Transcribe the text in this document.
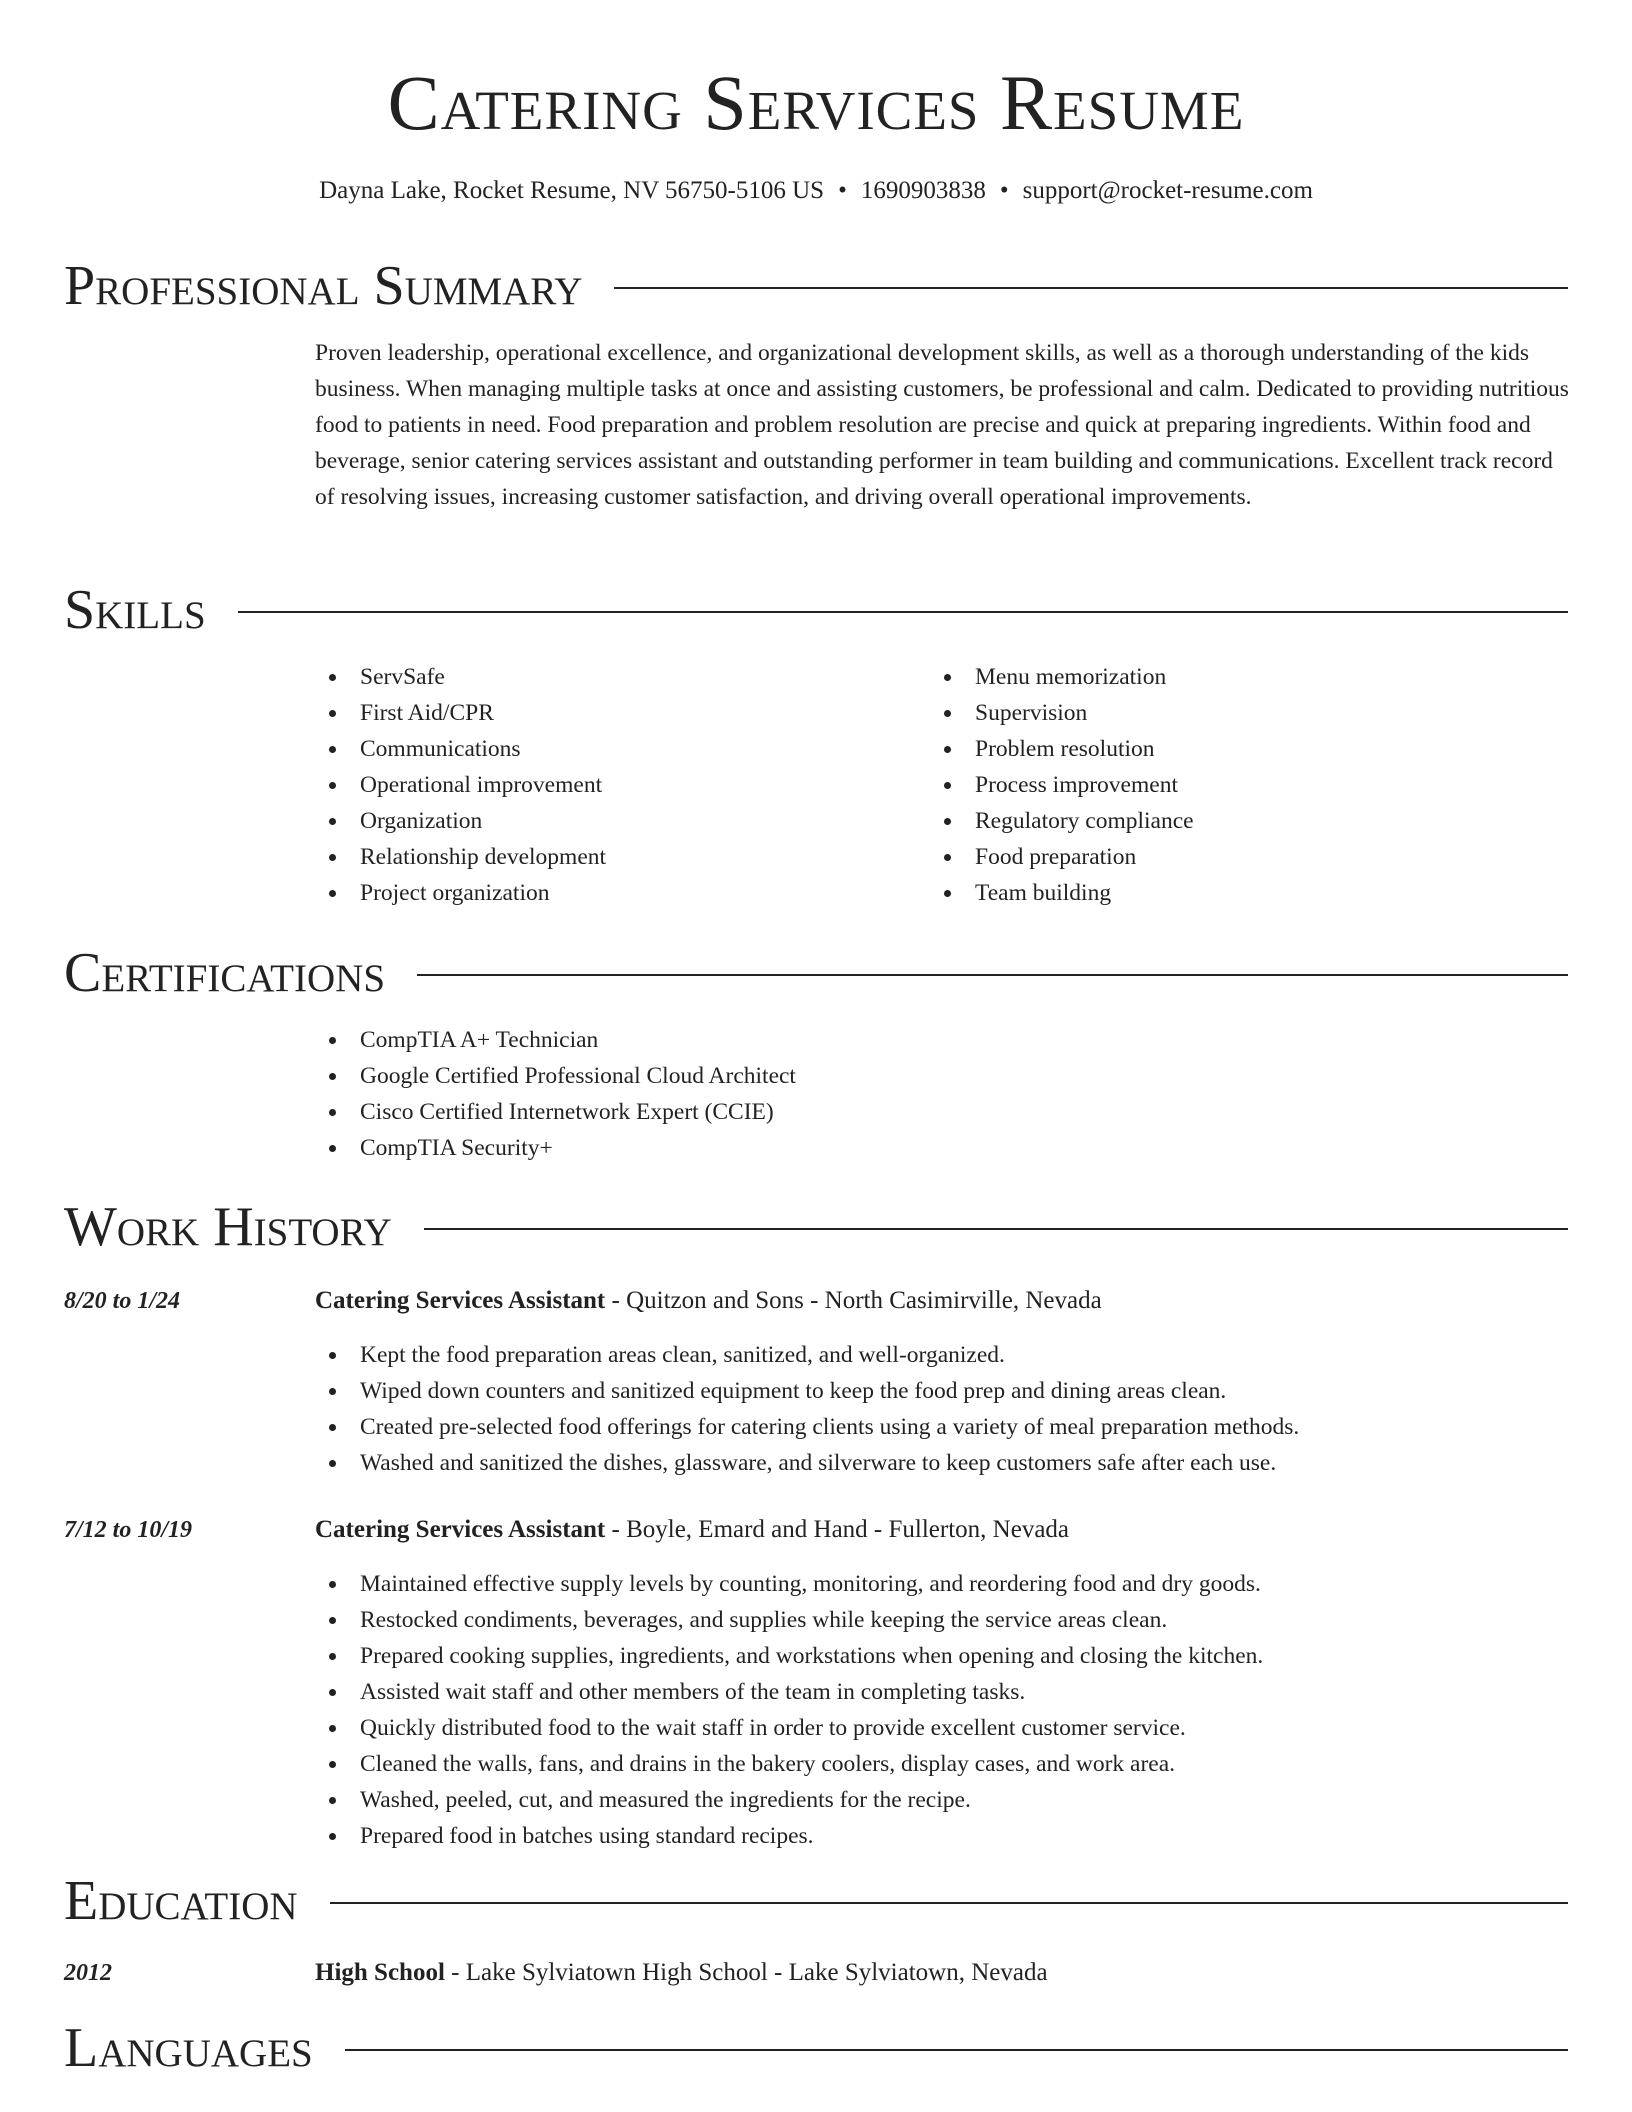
Catering Services Resume
Dayna Lake, Rocket Resume, NV 56750-5106 US • 1690903838 • support@rocket-resume.com
Professional Summary
Proven leadership, operational excellence, and organizational development skills, as well as a thorough understanding of the kids business. When managing multiple tasks at once and assisting customers, be professional and calm. Dedicated to providing nutritious food to patients in need. Food preparation and problem resolution are precise and quick at preparing ingredients. Within food and beverage, senior catering services assistant and outstanding performer in team building and communications. Excellent track record of resolving issues, increasing customer satisfaction, and driving overall operational improvements.
Skills
ServSafe
First Aid/CPR
Communications
Operational improvement
Organization
Relationship development
Project organization
Menu memorization
Supervision
Problem resolution
Process improvement
Regulatory compliance
Food preparation
Team building
Certifications
CompTIA A+ Technician
Google Certified Professional Cloud Architect
Cisco Certified Internetwork Expert (CCIE)
CompTIA Security+
Work History
8/20 to 1/24	Catering Services Assistant - Quitzon and Sons - North Casimirville, Nevada
Kept the food preparation areas clean, sanitized, and well-organized.
Wiped down counters and sanitized equipment to keep the food prep and dining areas clean.
Created pre-selected food offerings for catering clients using a variety of meal preparation methods.
Washed and sanitized the dishes, glassware, and silverware to keep customers safe after each use.
7/12 to 10/19	Catering Services Assistant - Boyle, Emard and Hand - Fullerton, Nevada
Maintained effective supply levels by counting, monitoring, and reordering food and dry goods.
Restocked condiments, beverages, and supplies while keeping the service areas clean.
Prepared cooking supplies, ingredients, and workstations when opening and closing the kitchen.
Assisted wait staff and other members of the team in completing tasks.
Quickly distributed food to the wait staff in order to provide excellent customer service.
Cleaned the walls, fans, and drains in the bakery coolers, display cases, and work area.
Washed, peeled, cut, and measured the ingredients for the recipe.
Prepared food in batches using standard recipes.
Education
2012	High School - Lake Sylviatown High School - Lake Sylviatown, Nevada
Languages
